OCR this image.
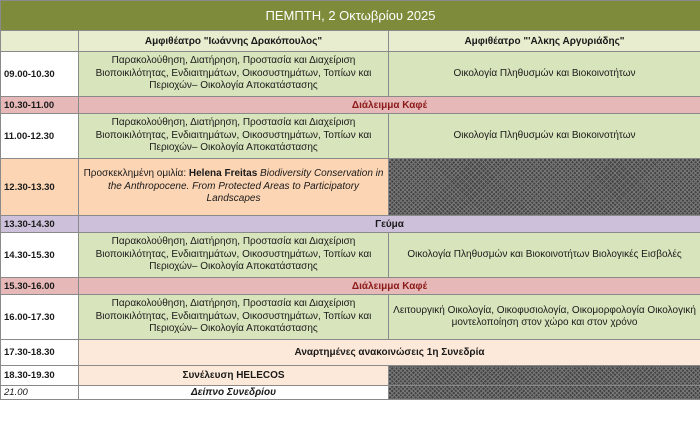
ΠΕΜΠΤΗ, 2 Οκτωβρίου 2025		
	Αμφιθέατρο "Ιωάννης Δρακόπουλος"	Αμφιθέατρο "'Αλκης Αργυριάδης"
09.00-10.30	Παρακολούθηση, Διατήρηση, Προστασία και Διαχείριση Βιοποικιλότητας, Ενδιαιτημάτων, Οικοσυστημάτων, Τοπίων και Περιοχών– Οικολογία Αποκατάστασης	Οικολογία Πληθυσμών και Βιοκοινοτήτων
10.30-11.00	Διάλειμμα Καφέ	
11.00-12.30	Παρακολούθηση, Διατήρηση, Προστασία και Διαχείριση Βιοποικιλότητας, Ενδιαιτημάτων, Οικοσυστημάτων, Τοπίων και Περιοχών– Οικολογία Αποκατάστασης	Οικολογία Πληθυσμών και Βιοκοινοτήτων
12.30-13.30	Προσκεκλημένη ομιλία: Helena Freitas Biodiversity Conservation in the Anthropocene. From Protected Areas to Participatory Landscapes	
13.30-14.30	Γεύμα	
14.30-15.30	Παρακολούθηση, Διατήρηση, Προστασία και Διαχείριση Βιοποικιλότητας, Ενδιαιτημάτων, Οικοσυστημάτων, Τοπίων και Περιοχών– Οικολογία Αποκατάστασης	Οικολογία Πληθυσμών και Βιοκοινοτήτων Βιολογικές Εισβολές
15.30-16.00	Διάλειμμα Καφέ	
16.00-17.30	Παρακολούθηση, Διατήρηση, Προστασία και Διαχείριση Βιοποικιλότητας, Ενδιαιτημάτων, Οικοσυστημάτων, Τοπίων και Περιοχών– Οικολογία Αποκατάστασης	Λειτουργική Οικολογία, Οικοφυσιολογία, Οικομορφολογία Οικολογική μοντελοποίηση στον χώρο και στον χρόνο
17.30-18.30	Αναρτημένες ανακοινώσεις 1η Συνεδρία	
18.30-19.30	Συνέλευση HELECOS	
21.00	Δείπνο Συνεδρίου	
